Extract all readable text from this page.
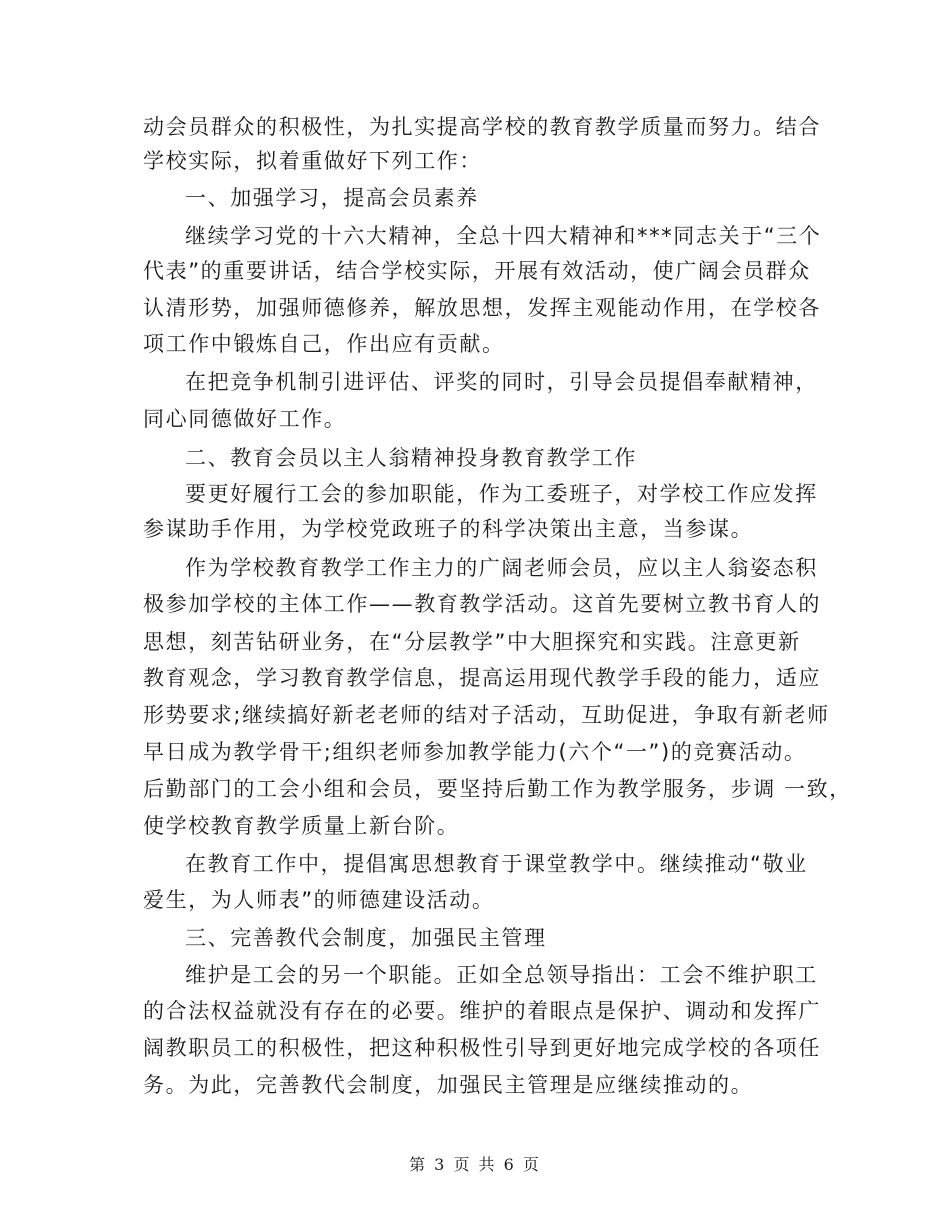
动会员群众的积极性，为扎实提高学校的教育教学质量而努力。结合
学校实际，拟着重做好下列工作：
一、加强学习，提高会员素养
继续学习党的十六大精神，全总十四大精神和***同志关于“三个
代表”的重要讲话，结合学校实际，开展有效活动，使广阔会员群众
认清形势，加强师德修养，解放思想，发挥主观能动作用，在学校各
项工作中锻炼自己，作出应有贡献。
在把竞争机制引进评估、评奖的同时，引导会员提倡奉献精神，
同心同德做好工作。
二、教育会员以主人翁精神投身教育教学工作
要更好履行工会的参加职能，作为工委班子，对学校工作应发挥
参谋助手作用，为学校党政班子的科学决策出主意，当参谋。
作为学校教育教学工作主力的广阔老师会员，应以主人翁姿态积
极参加学校的主体工作——教育教学活动。这首先要树立教书育人的
思想，刻苦钻研业务，在“分层教学”中大胆探究和实践。注意更新
教育观念，学习教育教学信息，提高运用现代教学手段的能力，适应
形势要求;继续搞好新老老师的结对子活动，互助促进，争取有新老师
早日成为教学骨干;组织老师参加教学能力(六个“一”)的竞赛活动。
后勤部门的工会小组和会员，要坚持后勤工作为教学服务，步调 一致，
使学校教育教学质量上新台阶。
在教育工作中，提倡寓思想教育于课堂教学中。继续推动“敬业
爱生，为人师表”的师德建设活动。
三、完善教代会制度，加强民主管理
维护是工会的另一个职能。正如全总领导指出：工会不维护职工
的合法权益就没有存在的必要。维护的着眼点是保护、调动和发挥广
阔教职员工的积极性，把这种积极性引导到更好地完成学校的各项任
务。为此，完善教代会制度，加强民主管理是应继续推动的。
第 3 页 共 6 页
